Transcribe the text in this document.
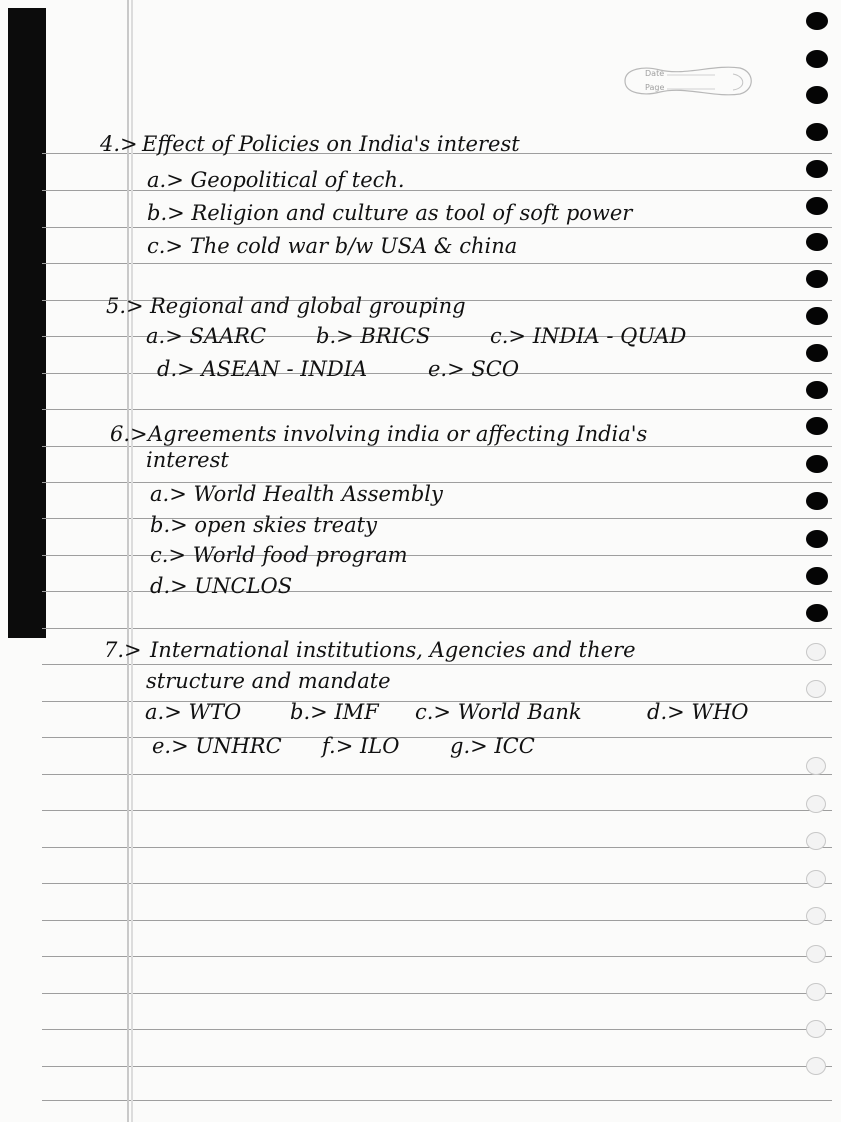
Date
Page
4.> Effect of Policies on India's interest
a.> Geopolitical of tech.
b.> Religion and culture as tool of soft power
c.> The cold war b/w USA & china
5.> Regional and global grouping
a.> SAARC b.> BRICS	c.> INDIA - QUAD
d.> ASEAN - INDIA	e.> SCO
6.> Agreements involving india or affecting India's
interest
a.> World Health Assembly
b.> open skies treaty
c.> World food program
d.> UNCLOS
7.> International institutions, Agencies and there
structure and mandate
a.> WTO b.> IMF c.> World Bank	d.> WHO
e.> UNHRC f.> ILO g.> ICC
